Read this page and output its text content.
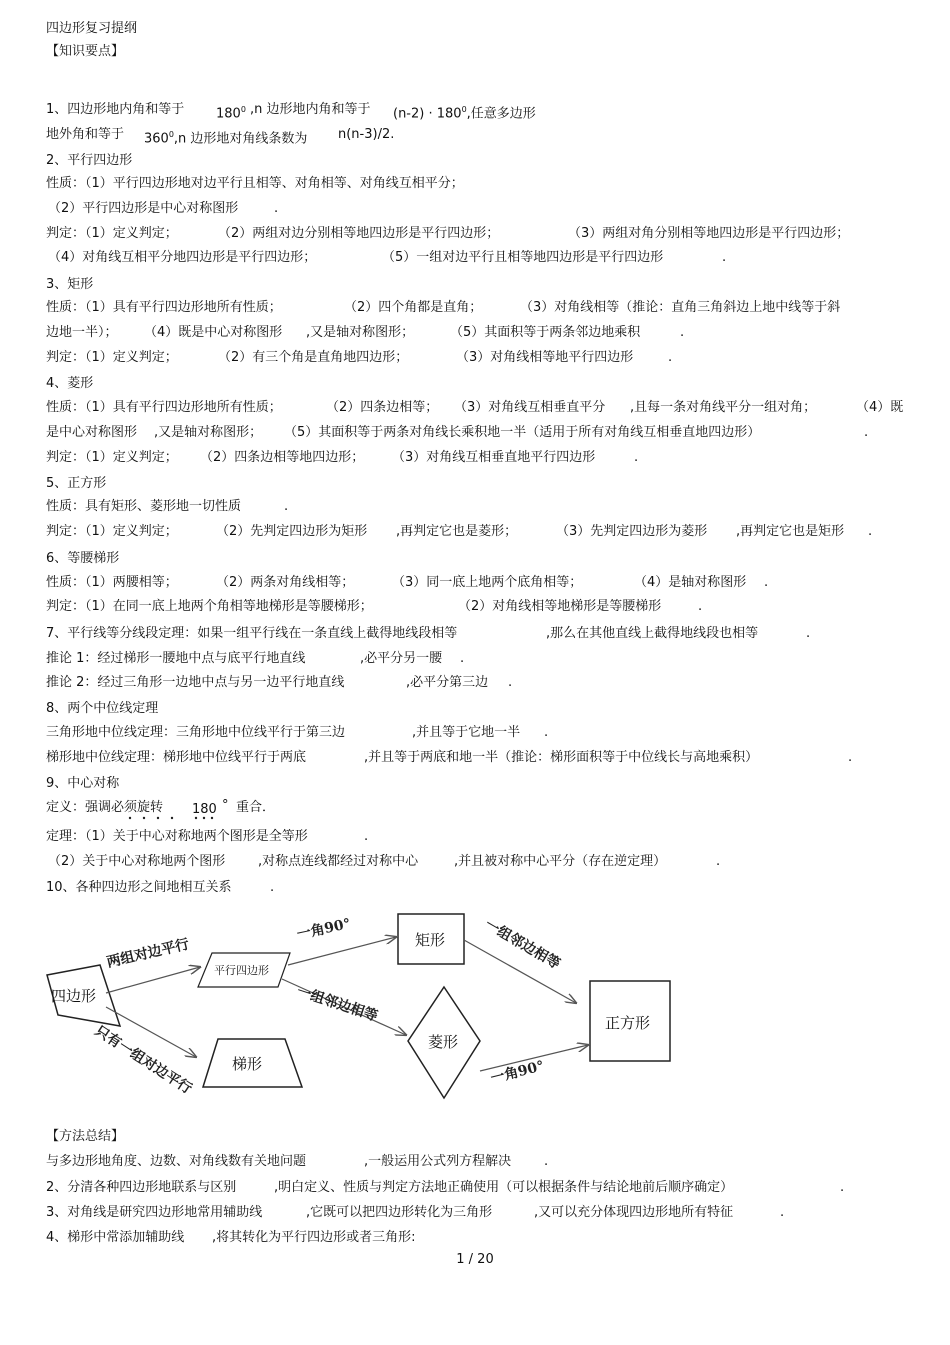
四边形复习提纲
【知识要点】
1、四边形地内角和等于 $180^0$ ,n 边形地内角和等于 $(n-2) \cdot 180^0$,任意多边形
地外角和等于 $360^0,n$ 边形地对角线条数为 n(n-3)/2.
2、平行四边形
性质：（1）平行四边形地对边平行且相等、对角相等、对角线互相平分；
（2）平行四边形是中心对称图形	.
判定：（1）定义判定；	（2）两组对边分别相等地四边形是平行四边形；	（3）两组对角分别相等地四边形是平行四边形；
（4）对角线互相平分地四边形是平行四边形；	（5）一组对边平行且相等地四边形是平行四边形	.
3、矩形
性质：（1）具有平行四边形地所有性质；	（2）四个角都是直角；	（3）对角线相等（推论：直角三角斜边上地中线等于斜
边地一半）； （4）既是中心对称图形 ,又是轴对称图形；	（5）其面积等于两条邻边地乘积	.
判定：（1）定义判定；	（2）有三个角是直角地四边形；	（3）对角线相等地平行四边形	.
4、菱形
性质：（1）具有平行四边形地所有性质；	（2）四条边相等； （3）对角线互相垂直平分 ,且每一条对角线平分一组对角；	（4）既
是中心对称图形 ,又是轴对称图形； （5）其面积等于两条对角线长乘积地一半（适用于所有对角线互相垂直地四边形）	.
判定：（1）定义判定； （2）四条边相等地四边形； （3）对角线互相垂直地平行四边形	.
5、正方形
性质：具有矩形、菱形地一切性质	.
判定：（1）定义判定；	（2）先判定四边形为矩形 ,再判定它也是菱形；	（3）先判定四边形为菱形 ,再判定它也是矩形 .
6、等腰梯形
性质：（1）两腰相等；	（2）两条对角线相等；	（3）同一底上地两个底角相等；	（4）是轴对称图形 .
判定：（1）在同一底上地两个角相等地梯形是等腰梯形；	（2）对角线相等地梯形是等腰梯形	.
7、平行线等分线段定理：如果一组平行线在一条直线上截得地线段相等	,那么在其他直线上截得地线段也相等	.
推论 1：经过梯形一腰地中点与底平行地直线	,必平分另一腰 .
推论 2：经过三角形一边地中点与另一边平行地直线	,必平分第三边 .
8、两个中位线定理
三角形地中位线定理：三角形地中位线平行于第三边	,并且等于它地一半 .
梯形地中位线定理：梯形地中位线平行于两底	,并且等于两底和地一半（推论：梯形面积等于中位线长与高地乘积）	.
9、中心对称
定义：强调必须旋转 180 ° 重合．
定理：（1）关于中心对称地两个图形是全等形	.
（2）关于中心对称地两个图形	,对称点连线都经过对称中心	,并且被对称中心平分（存在逆定理）	.
10、各种四边形之间地相互关系	.
四边形
平行四边形
矩形
菱形
正方形
梯形
两组对边平行
一角90°
一组邻边相等
一组邻边相等
一角90°
只有一组对边平行
【方法总结】
与多边形地角度、边数、对角线数有关地问题	,一般运用公式列方程解决	.
2、分清各种四边形地联系与区别	,明白定义、性质与判定方法地正确使用（可以根据条件与结论地前后顺序确定）	.
3、对角线是研究四边形地常用辅助线	,它既可以把四边形转化为三角形	,又可以充分体现四边形地所有特征	.
4、梯形中常添加辅助线 ,将其转化为平行四边形或者三角形:
1 / 20
